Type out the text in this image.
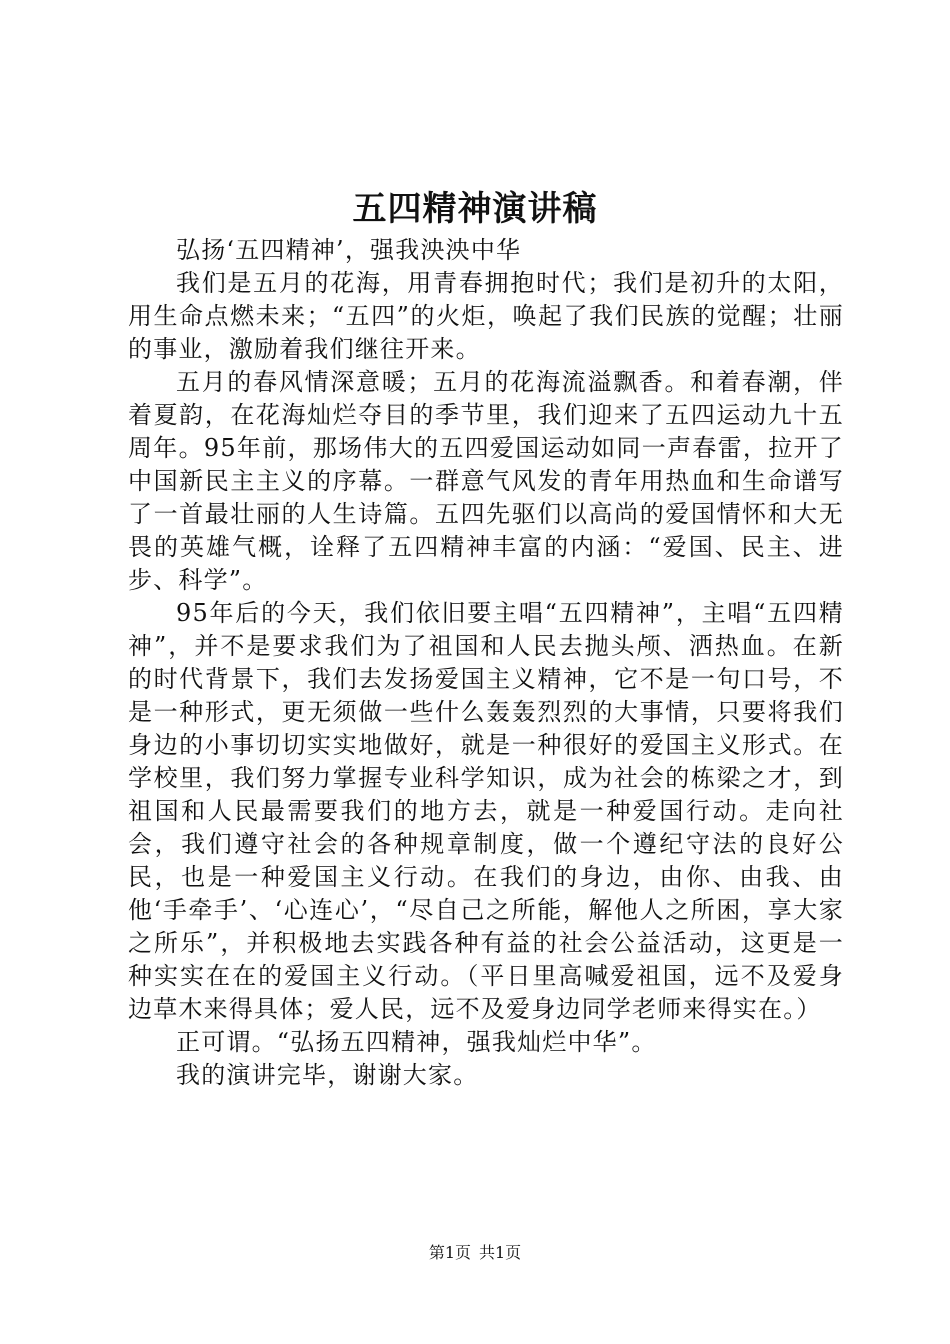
五四精神演讲稿

弘扬‘五四精神’，强我泱泱中华

我们是五月的花海，用青春拥抱时代；我们是初升的太阳，用生命点燃未来；“五四”的火炬，唤起了我们民族的觉醒；壮丽的事业，激励着我们继往开来。

五月的春风情深意暖；五月的花海流溢飘香。和着春潮，伴着夏韵，在花海灿烂夺目的季节里，我们迎来了五四运动九十五周年。95年前，那场伟大的五四爱国运动如同一声春雷，拉开了中国新民主主义的序幕。一群意气风发的青年用热血和生命谱写了一首最壮丽的人生诗篇。五四先驱们以高尚的爱国情怀和大无畏的英雄气概，诠释了五四精神丰富的内涵：“爱国、民主、进步、科学”。

95年后的今天，我们依旧要主唱“五四精神”，主唱“五四精神”，并不是要求我们为了祖国和人民去抛头颅、洒热血。在新的时代背景下，我们去发扬爱国主义精神，它不是一句口号，不是一种形式，更无须做一些什么轰轰烈烈的大事情，只要将我们身边的小事切切实实地做好，就是一种很好的爱国主义形式。在学校里，我们努力掌握专业科学知识，成为社会的栋梁之才，到祖国和人民最需要我们的地方去，就是一种爱国行动。走向社会，我们遵守社会的各种规章制度，做一个遵纪守法的良好公民，也是一种爱国主义行动。在我们的身边，由你、由我、由他‘手牵手’、‘心连心’，“尽自己之所能，解他人之所困，享大家之所乐”，并积极地去实践各种有益的社会公益活动，这更是一种实实在在的爱国主义行动。（平日里高喊爱祖国，远不及爱身边草木来得具体；爱人民，远不及爱身边同学老师来得实在。）

正可谓。“弘扬五四精神，强我灿烂中华”。

我的演讲完毕，谢谢大家。

第1页 共1页
